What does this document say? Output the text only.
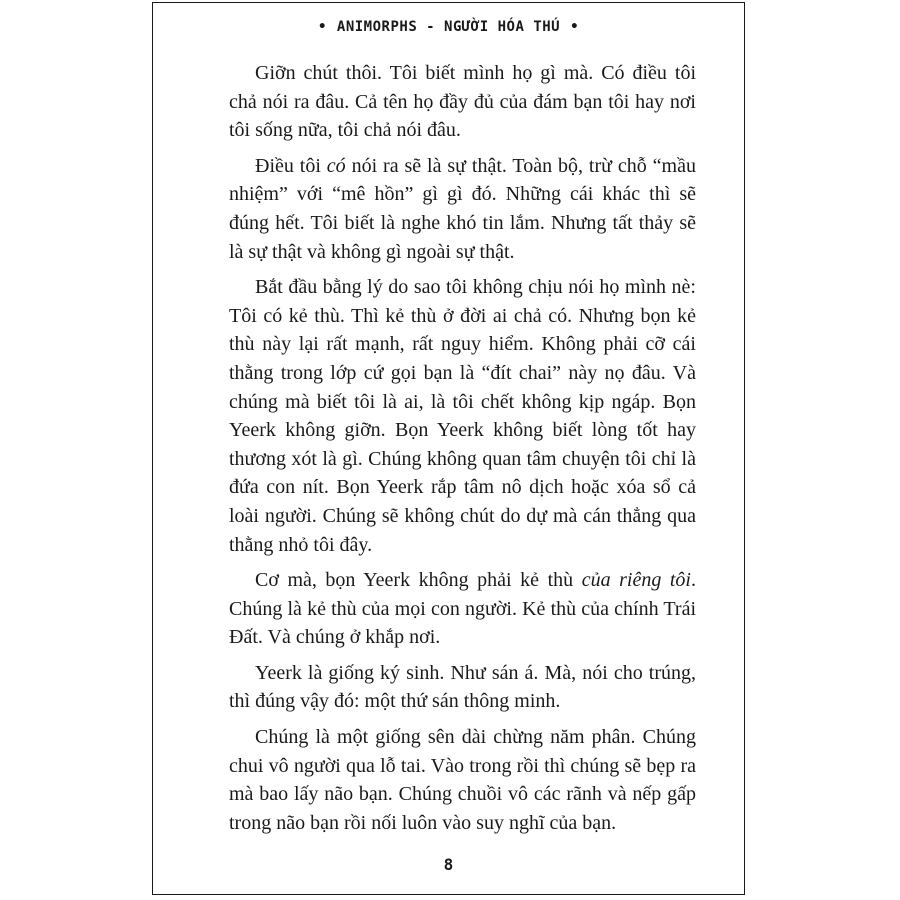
• ANIMORPHS - NGƯỜI HÓA THÚ •

Giỡn chút thôi. Tôi biết mình họ gì mà. Có điều tôi chả nói ra đâu. Cả tên họ đầy đủ của đám bạn tôi hay nơi tôi sống nữa, tôi chả nói đâu.

Điều tôi có nói ra sẽ là sự thật. Toàn bộ, trừ chỗ “mầu nhiệm” với “mê hồn” gì gì đó. Những cái khác thì sẽ đúng hết. Tôi biết là nghe khó tin lắm. Nhưng tất thảy sẽ là sự thật và không gì ngoài sự thật.

Bắt đầu bằng lý do sao tôi không chịu nói họ mình nè: Tôi có kẻ thù. Thì kẻ thù ở đời ai chả có. Nhưng bọn kẻ thù này lại rất mạnh, rất nguy hiểm. Không phải cỡ cái thằng trong lớp cứ gọi bạn là “đít chai” này nọ đâu. Và chúng mà biết tôi là ai, là tôi chết không kịp ngáp. Bọn Yeerk không giỡn. Bọn Yeerk không biết lòng tốt hay thương xót là gì. Chúng không quan tâm chuyện tôi chỉ là đứa con nít. Bọn Yeerk rắp tâm nô dịch hoặc xóa sổ cả loài người. Chúng sẽ không chút do dự mà cán thẳng qua thằng nhỏ tôi đây.

Cơ mà, bọn Yeerk không phải kẻ thù của riêng tôi. Chúng là kẻ thù của mọi con người. Kẻ thù của chính Trái Đất. Và chúng ở khắp nơi.

Yeerk là giống ký sinh. Như sán á. Mà, nói cho trúng, thì đúng vậy đó: một thứ sán thông minh.

Chúng là một giống sên dài chừng năm phân. Chúng chui vô người qua lỗ tai. Vào trong rồi thì chúng sẽ bẹp ra mà bao lấy não bạn. Chúng chuồi vô các rãnh và nếp gấp trong não bạn rồi nối luôn vào suy nghĩ của bạn.

8
